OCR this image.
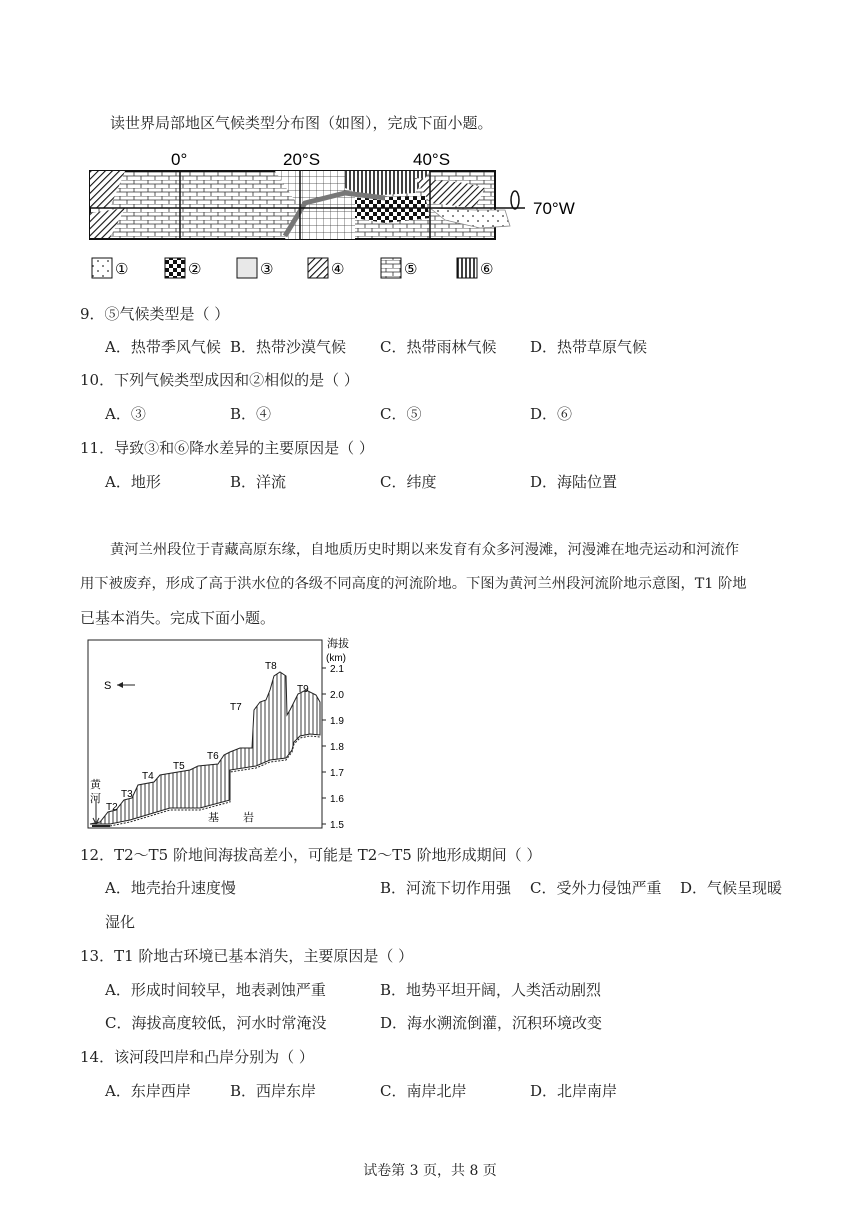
读世界局部地区气候类型分布图（如图），完成下面小题。
0°	20°S	40°S
70°W
①	②	③	④	⑤	⑥
9．⑤气候类型是（ ）
A．热带季风气候 B．热带沙漠气候 C．热带雨林气候 D．热带草原气候
10．下列气候类型成因和②相似的是（ ）
A．③	B．④	C．⑤	D．⑥
11．导致③和⑥降水差异的主要原因是（ ）
A．地形	B．洋流	C．纬度	D．海陆位置
黄河兰州段位于青藏高原东缘，自地质历史时期以来发育有众多河漫滩，河漫滩在地壳运动和河流作
用下被废弃，形成了高于洪水位的各级不同高度的河流阶地。下图为黄河兰州段河流阶地示意图，T1 阶地
已基本消失。完成下面小题。
S
T2
T3
T4
T5
T6
T7
T8
T9
黄
河
基 岩
海拔
(km)
2.1
2.0
1.9
1.8
1.7
1.6
1.5
12．T2～T5 阶地间海拔高差小，可能是 T2～T5 阶地形成期间（ ）
A．地壳抬升速度慢	B．河流下切作用强 C．受外力侵蚀严重 D．气候呈现暖
湿化
13．T1 阶地古环境已基本消失，主要原因是（ ）
A．形成时间较早，地表剥蚀严重	B．地势平坦开阔，人类活动剧烈
C．海拔高度较低，河水时常淹没	D．海水溯流倒灌，沉积环境改变
14．该河段凹岸和凸岸分别为（ ）
A．东岸西岸	B．西岸东岸	C．南岸北岸	D．北岸南岸
试卷第 3 页，共 8 页
